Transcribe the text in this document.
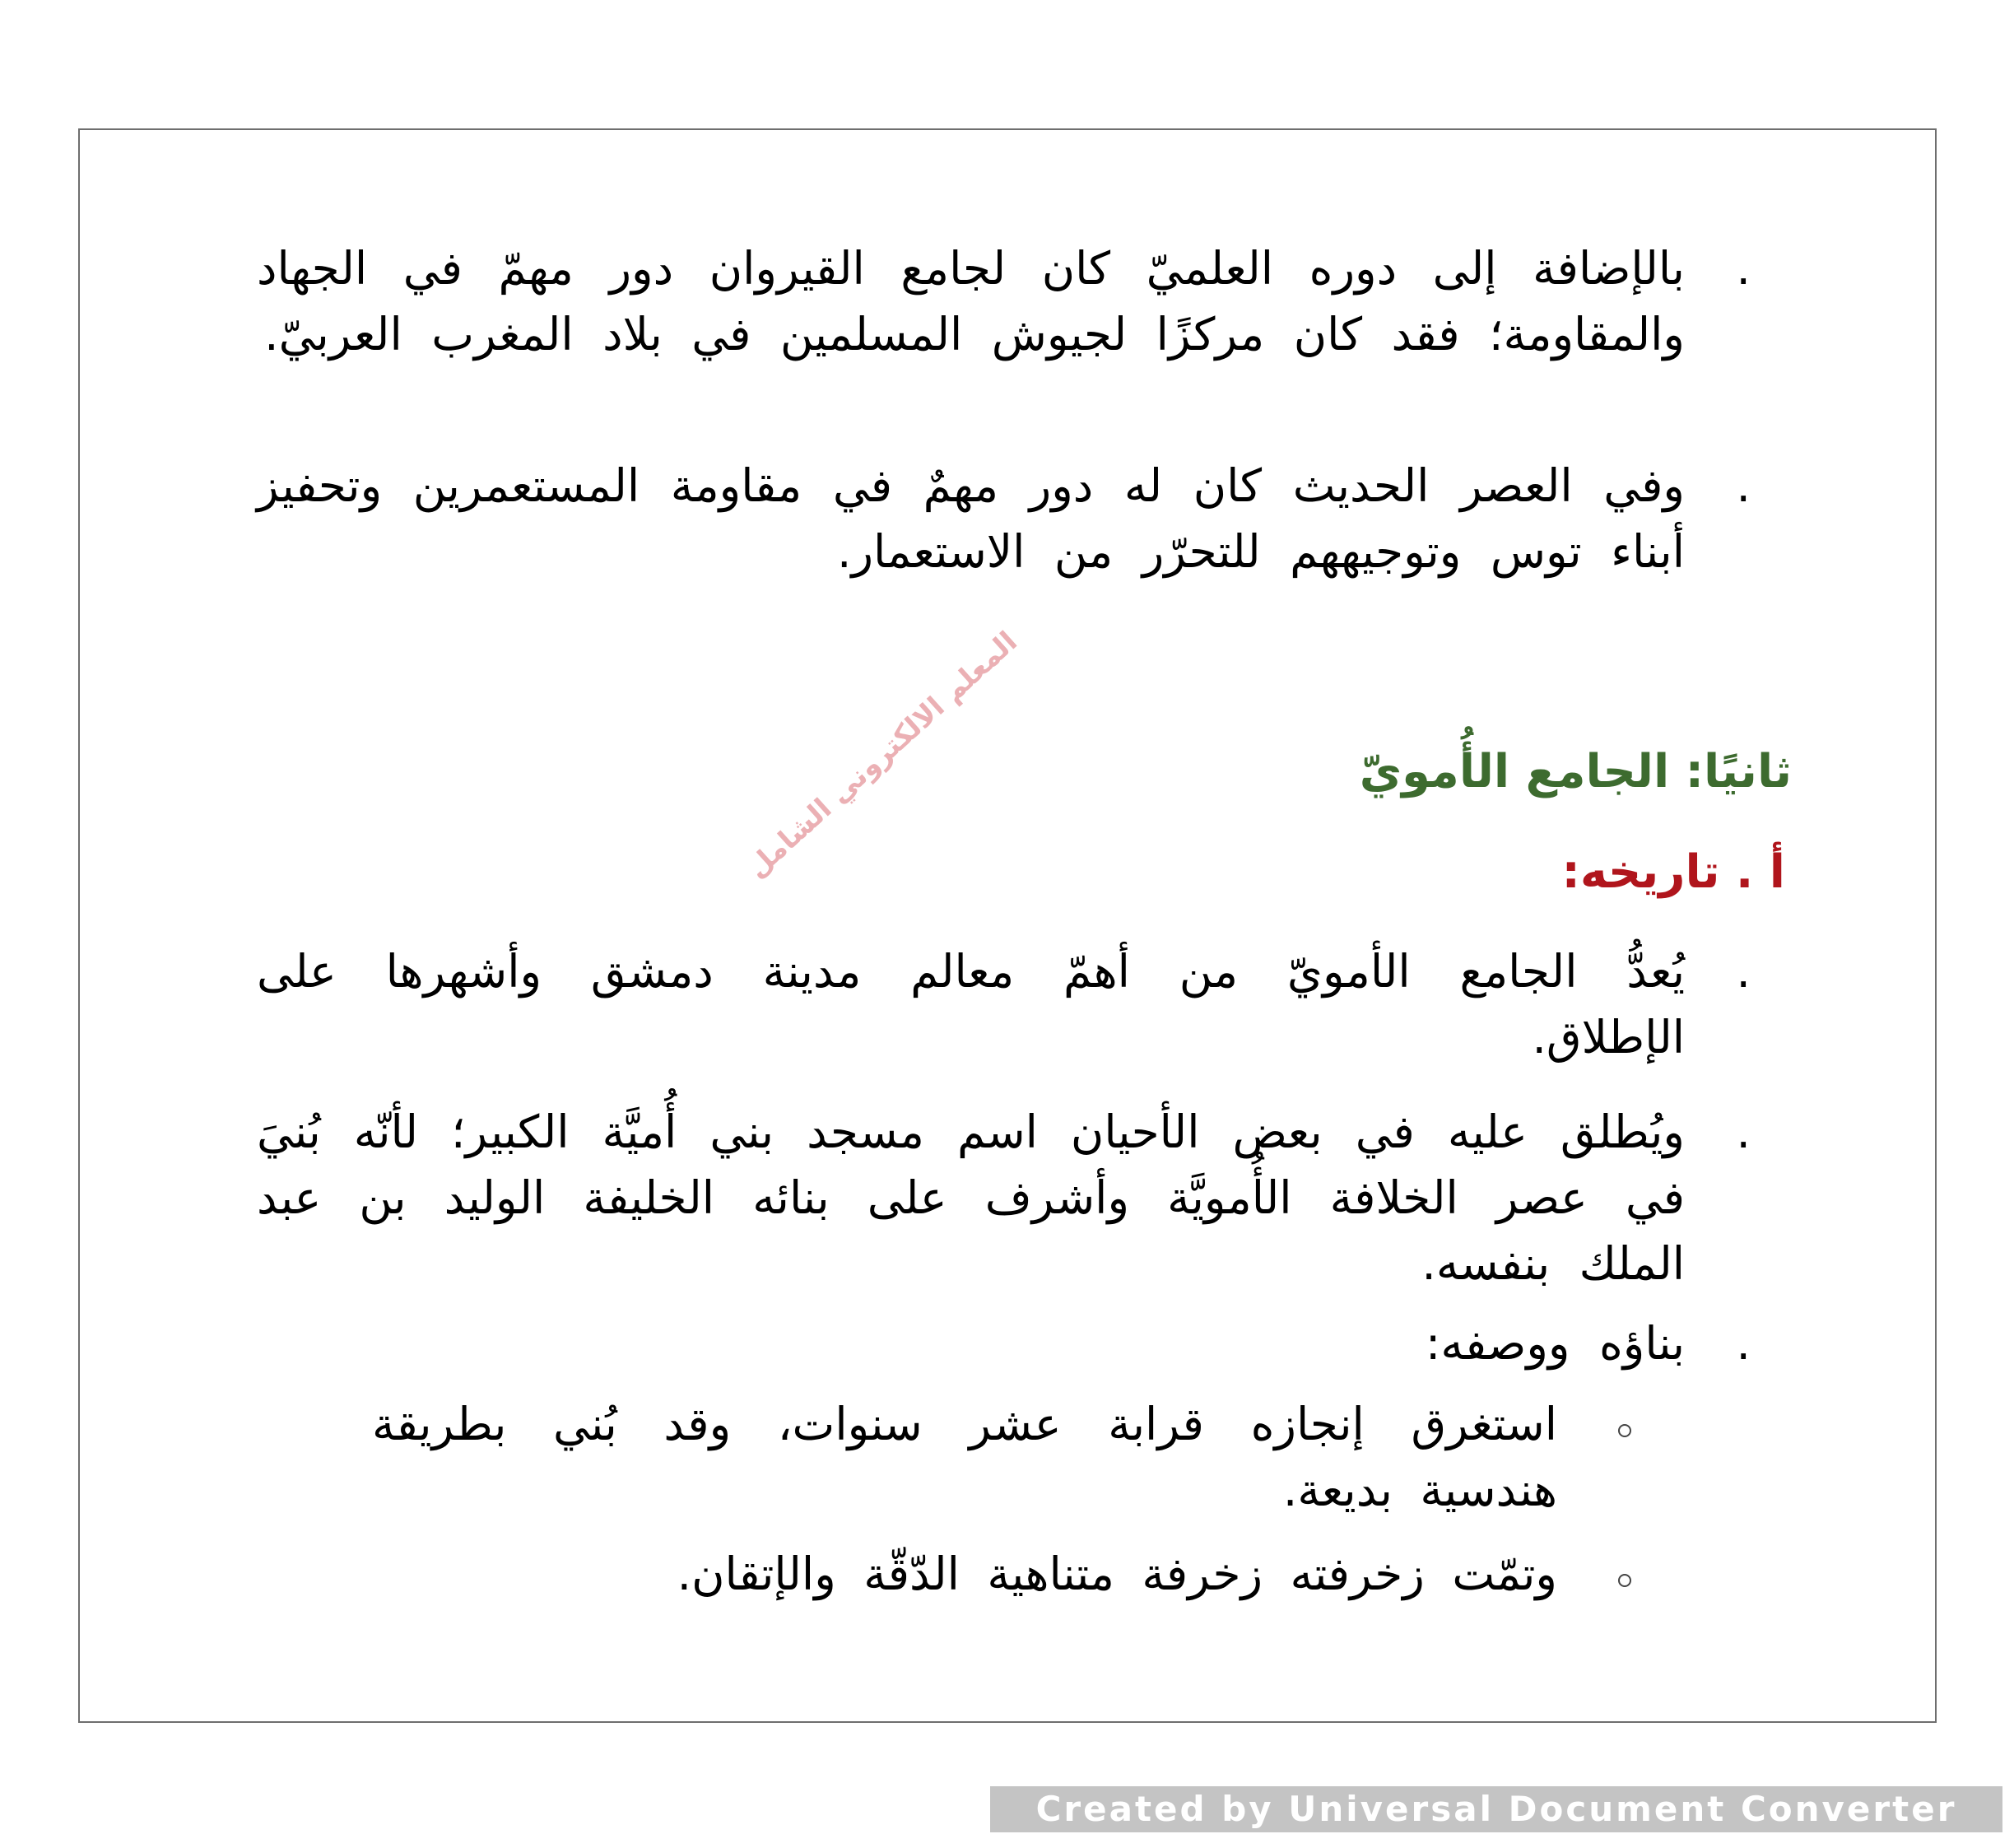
.
بالإضافة إلى دوره العلميّ كان لجامع القيروان دور مهمّ في الجهاد والمقاومة؛ فقد كان مركزًا لجيوش المسلمين في بلاد المغرب العربيّ.
.
وفي العصر الحديث كان له دور مهمٌ في مقاومة المستعمرين وتحفيز أبناء توس وتوجيههم للتحرّر من الاستعمار.
ثانيًا: الجامع الأُمويّ
أ . تاريخه:
المعلم الالكتروني الشامل
.
يُعدُّ الجامع الأمويّ من أهمّ معالم مدينة دمشق وأشهرها على الإطلاق.
.
ويُطلق عليه في بعض الأحيان اسم مسجد بني أُميَّة الكبير؛ لأنّه بُنيَ في عصر الخلافة الأُمويَّة وأشرف على بنائه الخليفة الوليد بن عبد الملك بنفسه.
.
بناؤه ووصفه:
استغرق إنجازه قرابة عشر سنوات، وقد بُني بطريقة هندسية بديعة.
وتمّت زخرفته زخرفة متناهية الدّقّة والإتقان.
Created by Universal Document Converter
